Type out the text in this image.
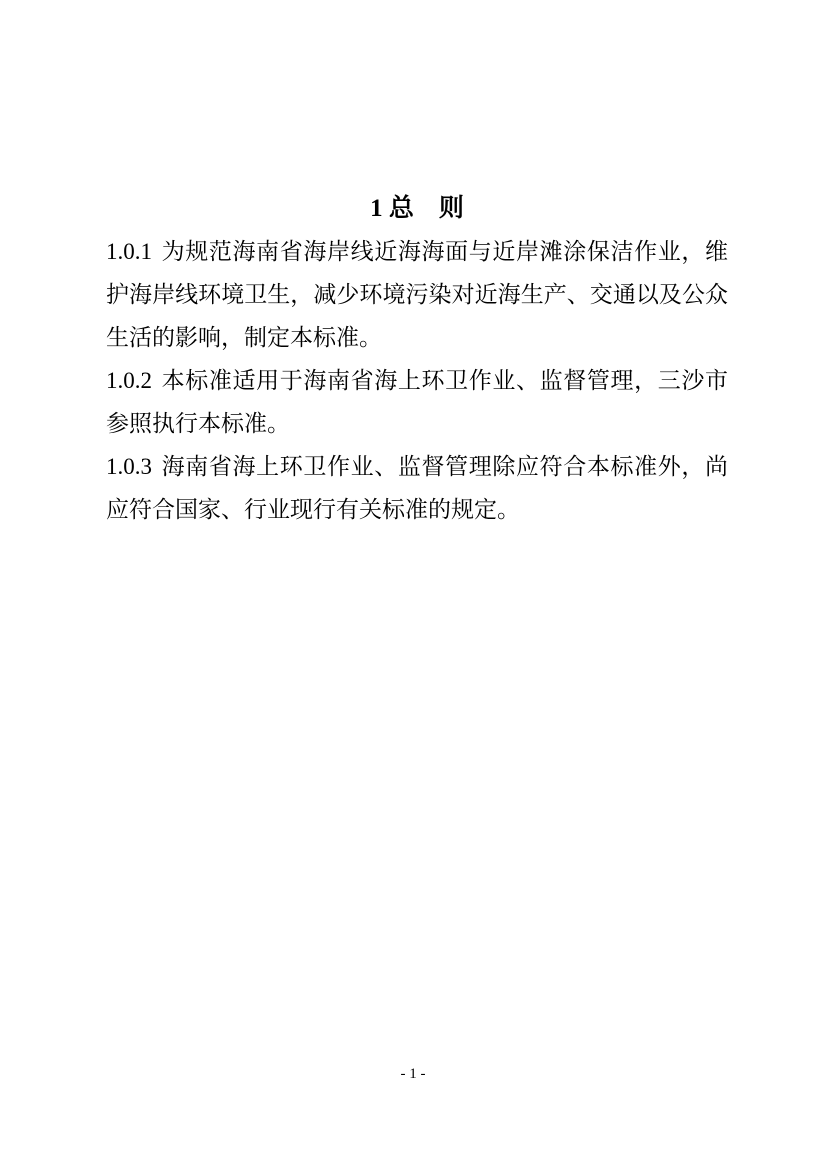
1 总　则

1.0.1 为规范海南省海岸线近海海面与近岸滩涂保洁作业，维护海岸线环境卫生，减少环境污染对近海生产、交通以及公众生活的影响，制定本标准。

1.0.2 本标准适用于海南省海上环卫作业、监督管理，三沙市参照执行本标准。

1.0.3 海南省海上环卫作业、监督管理除应符合本标准外，尚应符合国家、行业现行有关标准的规定。

- 1 -
